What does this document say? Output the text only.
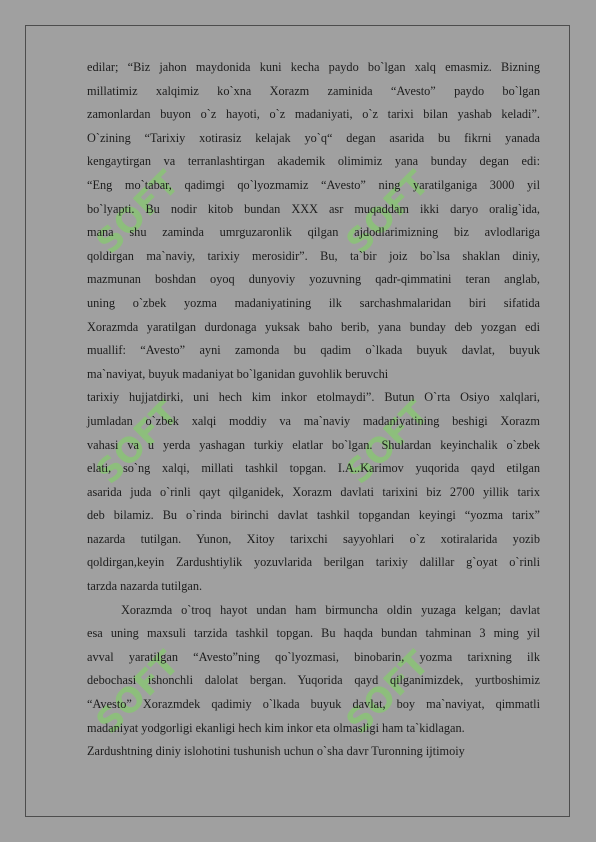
SOFT	SOFT
SOFT	SOFT
SOFT	SOFT

edilar; “Biz jahon maydonida kuni kecha paydo bo`lgan xalq emasmiz. Bizning

millatimiz xalqimiz ko`xna Xorazm zaminida “Avesto” paydo bo`lgan

zamonlardan buyon o`z hayoti, o`z madaniyati, o`z tarixi bilan yashab keladi”.

O`zining “Tarixiy xotirasiz kelajak yo`q“ degan asarida bu fikrni yanada

kengaytirgan va terranlashtirgan akademik olimimiz yana bunday degan edi:

“Eng mo`tabar, qadimgi qo`lyozmamiz “Avesto” ning yaratilganiga 3000 yil

bo`lyapti. Bu nodir kitob bundan XXX asr muqaddam ikki daryo oralig`ida,

mana shu zaminda umrguzaronlik qilgan ajdodlarimizning biz avlodlariga

qoldirgan ma`naviy, tarixiy merosidir”. Bu, ta`bir joiz bo`lsa shaklan diniy,

mazmunan boshdan oyoq dunyoviy yozuvning qadr-qimmatini teran anglab,

uning o`zbek yozma madaniyatining ilk sarchashmalaridan biri sifatida

Xorazmda yaratilgan durdonaga yuksak baho berib, yana bunday deb yozgan edi

muallif: “Avesto” ayni zamonda bu qadim o`lkada buyuk davlat, buyuk

ma`naviyat, buyuk madaniyat bo`lganidan guvohlik beruvchi

tarixiy hujjatdirki, uni hech kim inkor etolmaydi”. Butun O`rta Osiyo xalqlari,

jumladan o`zbek xalqi moddiy va ma`naviy madaniyatining beshigi Xorazm

vahasi va u yerda yashagan turkiy elatlar bo`lgan. Shulardan keyinchalik o`zbek

elati, so`ng xalqi, millati tashkil topgan. I.A..Karimov yuqorida qayd etilgan

asarida juda o`rinli qayt qilganidek, Xorazm davlati tarixini biz 2700 yillik tarix

deb bilamiz. Bu o`rinda birinchi davlat tashkil topgandan keyingi “yozma tarix”

nazarda tutilgan. Yunon, Xitoy tarixchi sayyohlari o`z xotiralarida yozib

qoldirgan,keyin Zardushtiylik yozuvlarida berilgan tarixiy dalillar g`oyat o`rinli

tarzda nazarda tutilgan.

Xorazmda o`troq hayot undan ham birmuncha oldin yuzaga kelgan; davlat

esa uning maxsuli tarzida tashkil topgan. Bu haqda bundan tahminan 3 ming yil

avval yaratilgan “Avesto”ning qo`lyozmasi, binobarin, yozma tarixning ilk

debochasi ishonchli dalolat bergan. Yuqorida qayd qilganimizdek, yurtboshimiz

“Avesto” Xorazmdek qadimiy o`lkada buyuk davlat, boy ma`naviyat, qimmatli

madaniyat yodgorligi ekanligi hech kim inkor eta olmasligi ham ta`kidlagan.

Zardushtning diniy islohotini tushunish uchun o`sha davr Turonning ijtimoiy
